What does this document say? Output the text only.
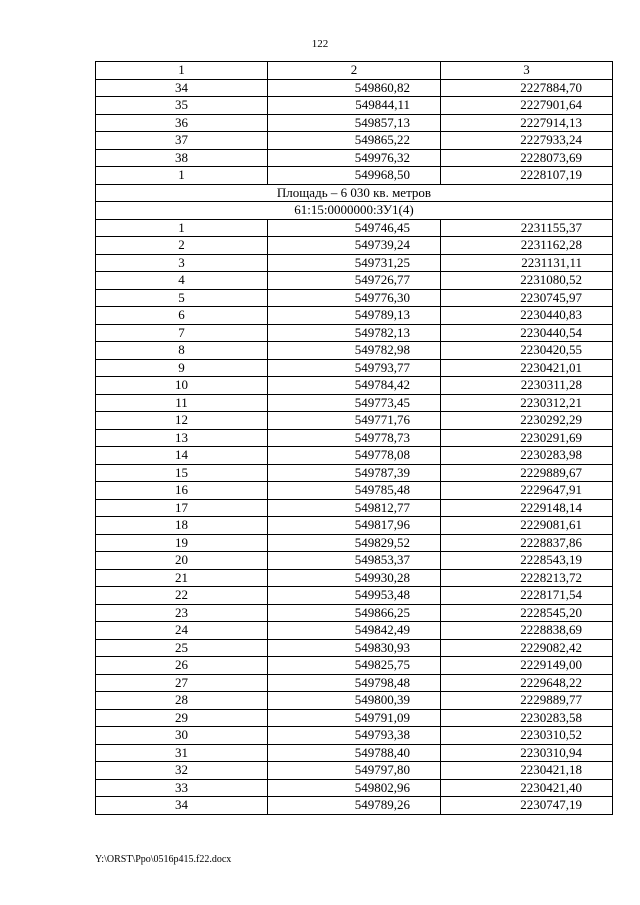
122
1	2	3
34	549860,82	2227884,70
35	549844,11	2227901,64
36	549857,13	2227914,13
37	549865,22	2227933,24
38	549976,32	2228073,69
1	549968,50	2228107,19
Площадь – 6 030 кв. метров		
61:15:0000000:ЗУ1(4)		
1	549746,45	2231155,37
2	549739,24	2231162,28
3	549731,25	2231131,11
4	549726,77	2231080,52
5	549776,30	2230745,97
6	549789,13	2230440,83
7	549782,13	2230440,54
8	549782,98	2230420,55
9	549793,77	2230421,01
10	549784,42	2230311,28
11	549773,45	2230312,21
12	549771,76	2230292,29
13	549778,73	2230291,69
14	549778,08	2230283,98
15	549787,39	2229889,67
16	549785,48	2229647,91
17	549812,77	2229148,14
18	549817,96	2229081,61
19	549829,52	2228837,86
20	549853,37	2228543,19
21	549930,28	2228213,72
22	549953,48	2228171,54
23	549866,25	2228545,20
24	549842,49	2228838,69
25	549830,93	2229082,42
26	549825,75	2229149,00
27	549798,48	2229648,22
28	549800,39	2229889,77
29	549791,09	2230283,58
30	549793,38	2230310,52
31	549788,40	2230310,94
32	549797,80	2230421,18
33	549802,96	2230421,40
34	549789,26	2230747,19
Y:\ORST\Ppo\0516p415.f22.docx
